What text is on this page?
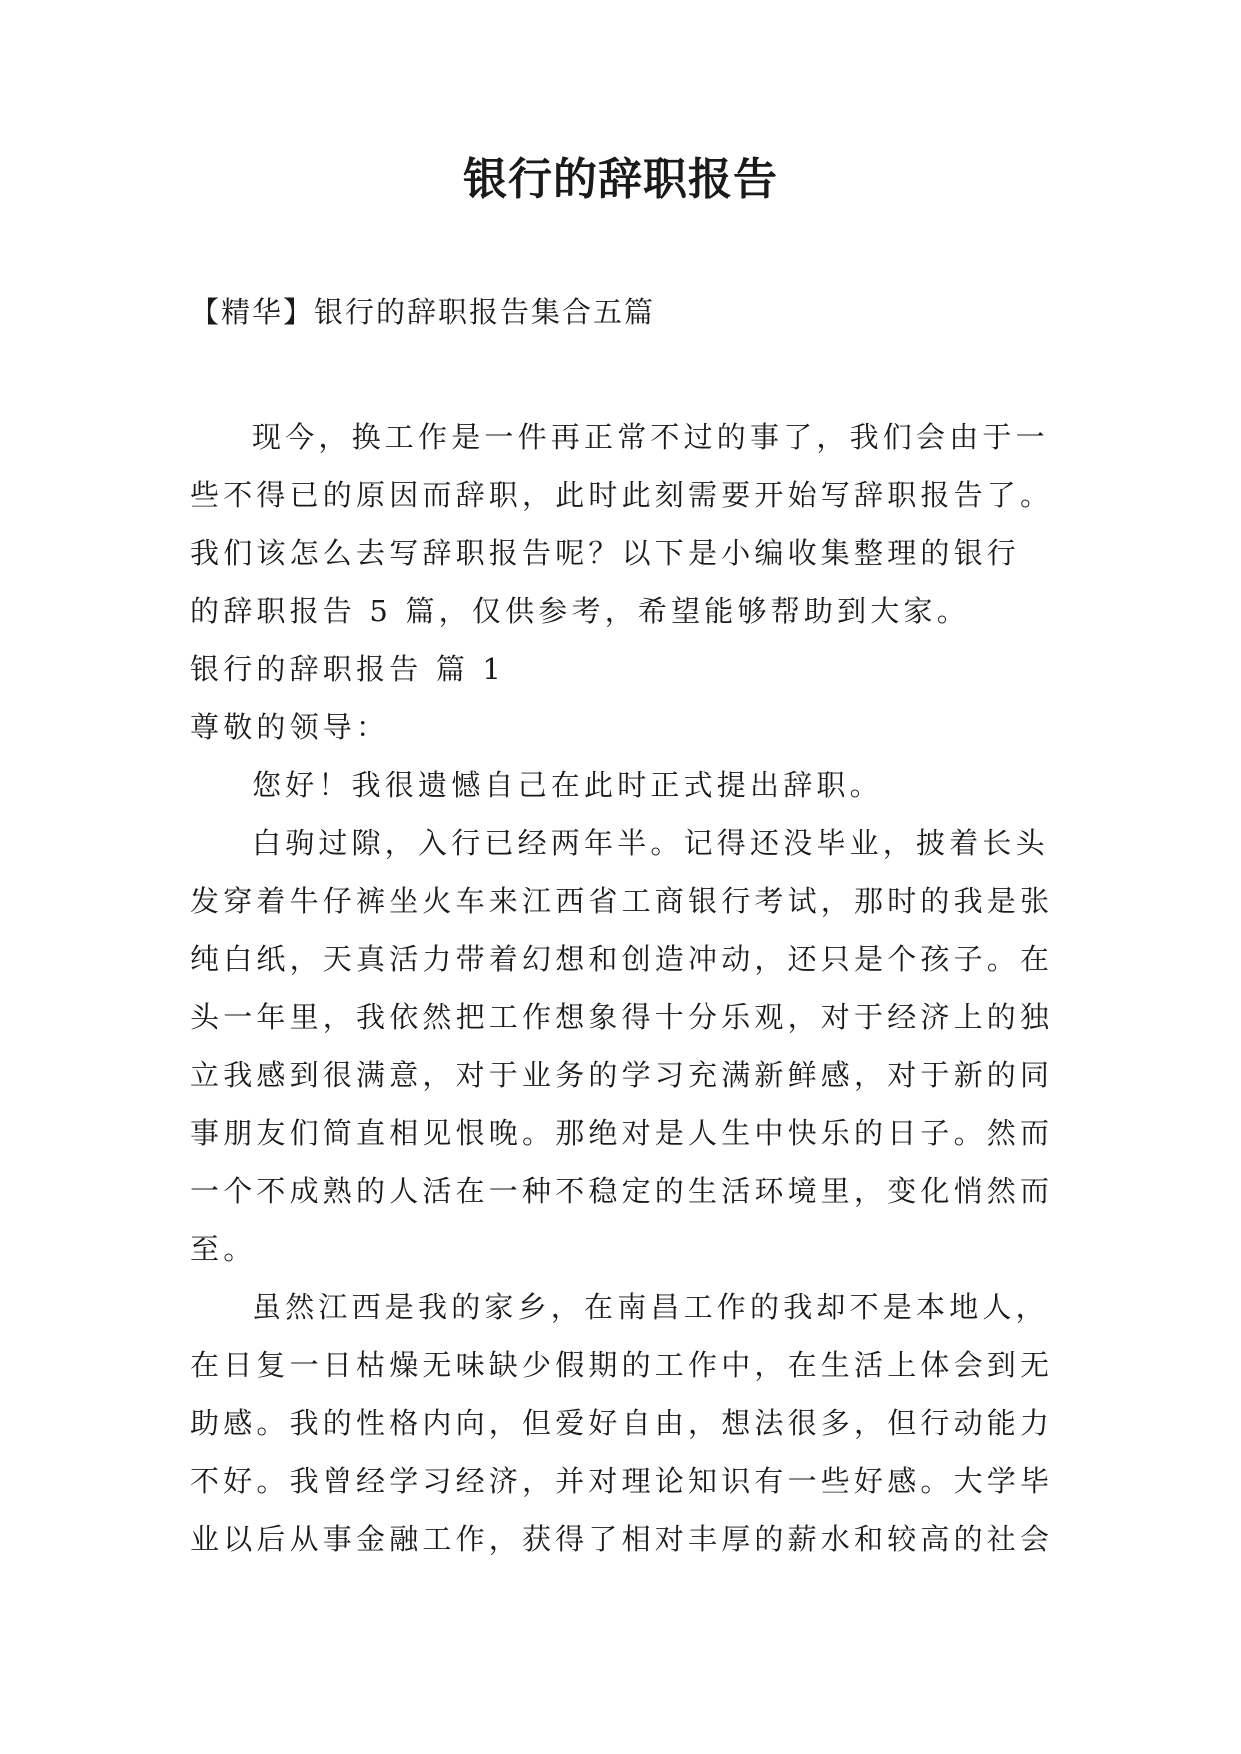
银行的辞职报告
【精华】银行的辞职报告集合五篇
现今，换工作是一件再正常不过的事了，我们会由于一
些不得已的原因而辞职，此时此刻需要开始写辞职报告了。
我们该怎么去写辞职报告呢？以下是小编收集整理的银行
的辞职报告 5 篇，仅供参考，希望能够帮助到大家。
银行的辞职报告 篇 1
尊敬的领导：
您好！我很遗憾自己在此时正式提出辞职。
白驹过隙，入行已经两年半。记得还没毕业，披着长头
发穿着牛仔裤坐火车来江西省工商银行考试，那时的我是张
纯白纸，天真活力带着幻想和创造冲动，还只是个孩子。在
头一年里，我依然把工作想象得十分乐观，对于经济上的独
立我感到很满意，对于业务的学习充满新鲜感，对于新的同
事朋友们简直相见恨晚。那绝对是人生中快乐的日子。然而
一个不成熟的人活在一种不稳定的生活环境里，变化悄然而
至。
虽然江西是我的家乡，在南昌工作的我却不是本地人，
在日复一日枯燥无味缺少假期的工作中，在生活上体会到无
助感。我的性格内向，但爱好自由，想法很多，但行动能力
不好。我曾经学习经济，并对理论知识有一些好感。大学毕
业以后从事金融工作，获得了相对丰厚的薪水和较高的社会
